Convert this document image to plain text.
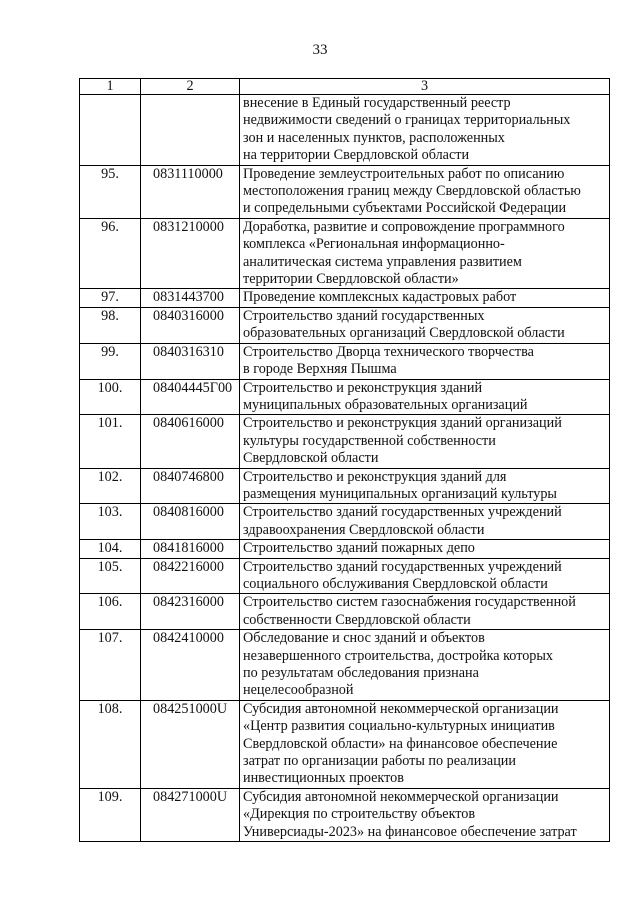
33
1	2	3
		внесение в Единый государственный реестр
недвижимости сведений о границах территориальных
зон и населенных пунктов, расположенных
на территории Свердловской области
95.	0831110000	Проведение землеустроительных работ по описанию
местоположения границ между Свердловской областью
и сопредельными субъектами Российской Федерации
96.	0831210000	Доработка, развитие и сопровождение программного
комплекса «Региональная информационно-
аналитическая система управления развитием
территории Свердловской области»
97.	0831443700	Проведение комплексных кадастровых работ
98.	0840316000	Строительство зданий государственных
образовательных организаций Свердловской области
99.	0840316310	Строительство Дворца технического творчества
в городе Верхняя Пышма
100.	08404445Г00	Строительство и реконструкция зданий
муниципальных образовательных организаций
101.	0840616000	Строительство и реконструкция зданий организаций
культуры государственной собственности
Свердловской области
102.	0840746800	Строительство и реконструкция зданий для
размещения муниципальных организаций культуры
103.	0840816000	Строительство зданий государственных учреждений
здравоохранения Свердловской области
104.	0841816000	Строительство зданий пожарных депо
105.	0842216000	Строительство зданий государственных учреждений
социального обслуживания Свердловской области
106.	0842316000	Строительство систем газоснабжения государственной
собственности Свердловской области
107.	0842410000	Обследование и снос зданий и объектов
незавершенного строительства, достройка которых
по результатам обследования признана
нецелесообразной
108.	084251000U	Субсидия автономной некоммерческой организации
«Центр развития социально-культурных инициатив
Свердловской области» на финансовое обеспечение
затрат по организации работы по реализации
инвестиционных проектов
109.	084271000U	Субсидия автономной некоммерческой организации
«Дирекция по строительству объектов
Универсиады-2023» на финансовое обеспечение затрат
